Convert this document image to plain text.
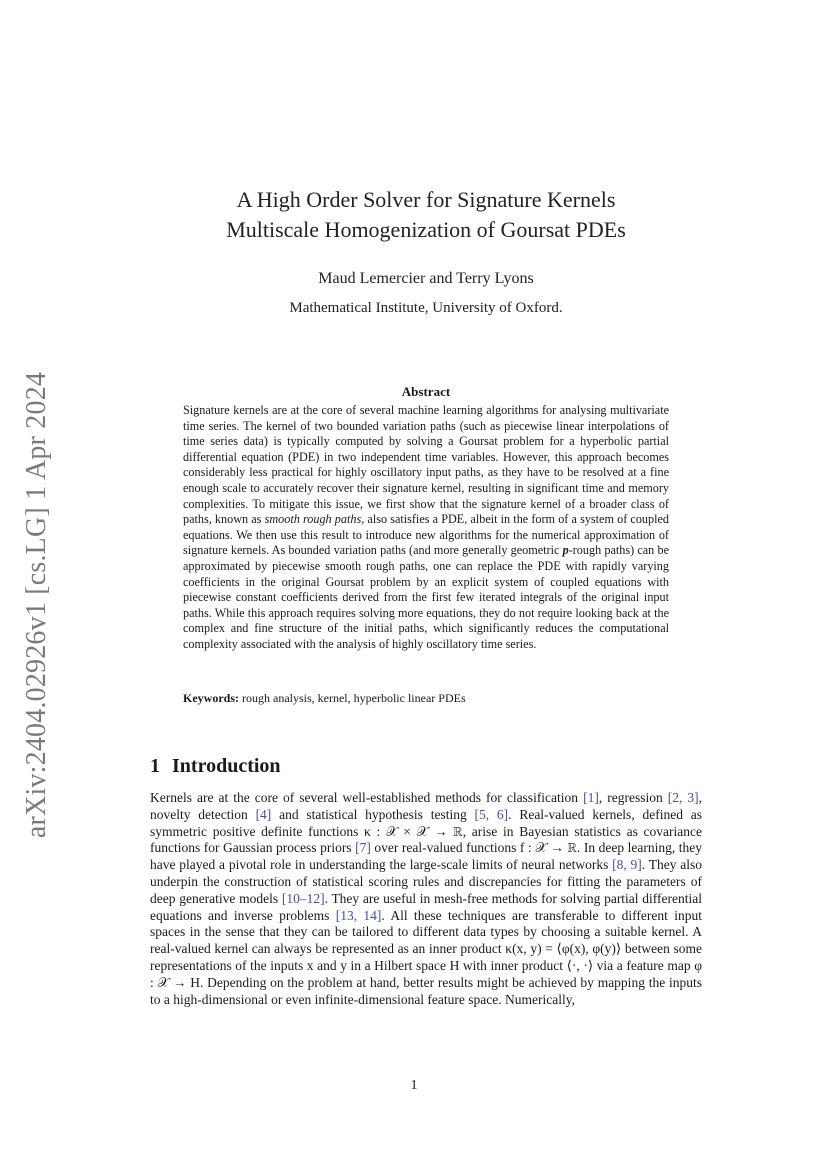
arXiv:2404.02926v1 [cs.LG] 1 Apr 2024

A High Order Solver for Signature Kernels

Multiscale Homogenization of Goursat PDEs

Maud Lemercier and Terry Lyons
Mathematical Institute, University of Oxford.
Abstract
Signature kernels are at the core of several machine learning algorithms for analysing multivariate time series. The kernel of two bounded variation paths (such as piecewise linear interpolations of time series data) is typically computed by solving a Goursat problem for a hyperbolic partial differential equation (PDE) in two independent time variables. However, this approach becomes considerably less practical for highly oscillatory input paths, as they have to be resolved at a fine enough scale to accurately recover their signature kernel, resulting in significant time and memory complexities. To mitigate this issue, we first show that the signature kernel of a broader class of paths, known as smooth rough paths, also satisfies a PDE, albeit in the form of a system of coupled equations. We then use this result to introduce new algorithms for the numerical approximation of signature kernels. As bounded variation paths (and more generally geometric p-rough paths) can be approximated by piecewise smooth rough paths, one can replace the PDE with rapidly varying coefficients in the original Goursat problem by an explicit system of coupled equations with piecewise constant coefficients derived from the first few iterated integrals of the original input paths. While this approach requires solving more equations, they do not require looking back at the complex and fine structure of the initial paths, which significantly reduces the computational complexity associated with the analysis of highly oscillatory time series.
Keywords: rough analysis, kernel, hyperbolic linear PDEs
1 Introduction
Kernels are at the core of several well-established methods for classification [1], regression [2, 3], novelty detection [4] and statistical hypothesis testing [5, 6]. Real-valued kernels, defined as symmetric positive definite functions κ : 𝒳 × 𝒳 → ℝ, arise in Bayesian statistics as covariance functions for Gaussian process priors [7] over real-valued functions f : 𝒳 → ℝ. In deep learning, they have played a pivotal role in understanding the large-scale limits of neural networks [8, 9]. They also underpin the construction of statistical scoring rules and discrepancies for fitting the parameters of deep generative models [10–12]. They are useful in mesh-free methods for solving partial differential equations and inverse problems [13, 14]. All these techniques are transferable to different input spaces in the sense that they can be tailored to different data types by choosing a suitable kernel. A real-valued kernel can always be represented as an inner product κ(x, y) = ⟨φ(x), φ(y)⟩ between some representations of the inputs x and y in a Hilbert space H with inner product ⟨·, ·⟩ via a feature map φ : 𝒳 → H. Depending on the problem at hand, better results might be achieved by mapping the inputs to a high-dimensional or even infinite-dimensional feature space. Numerically,
1
